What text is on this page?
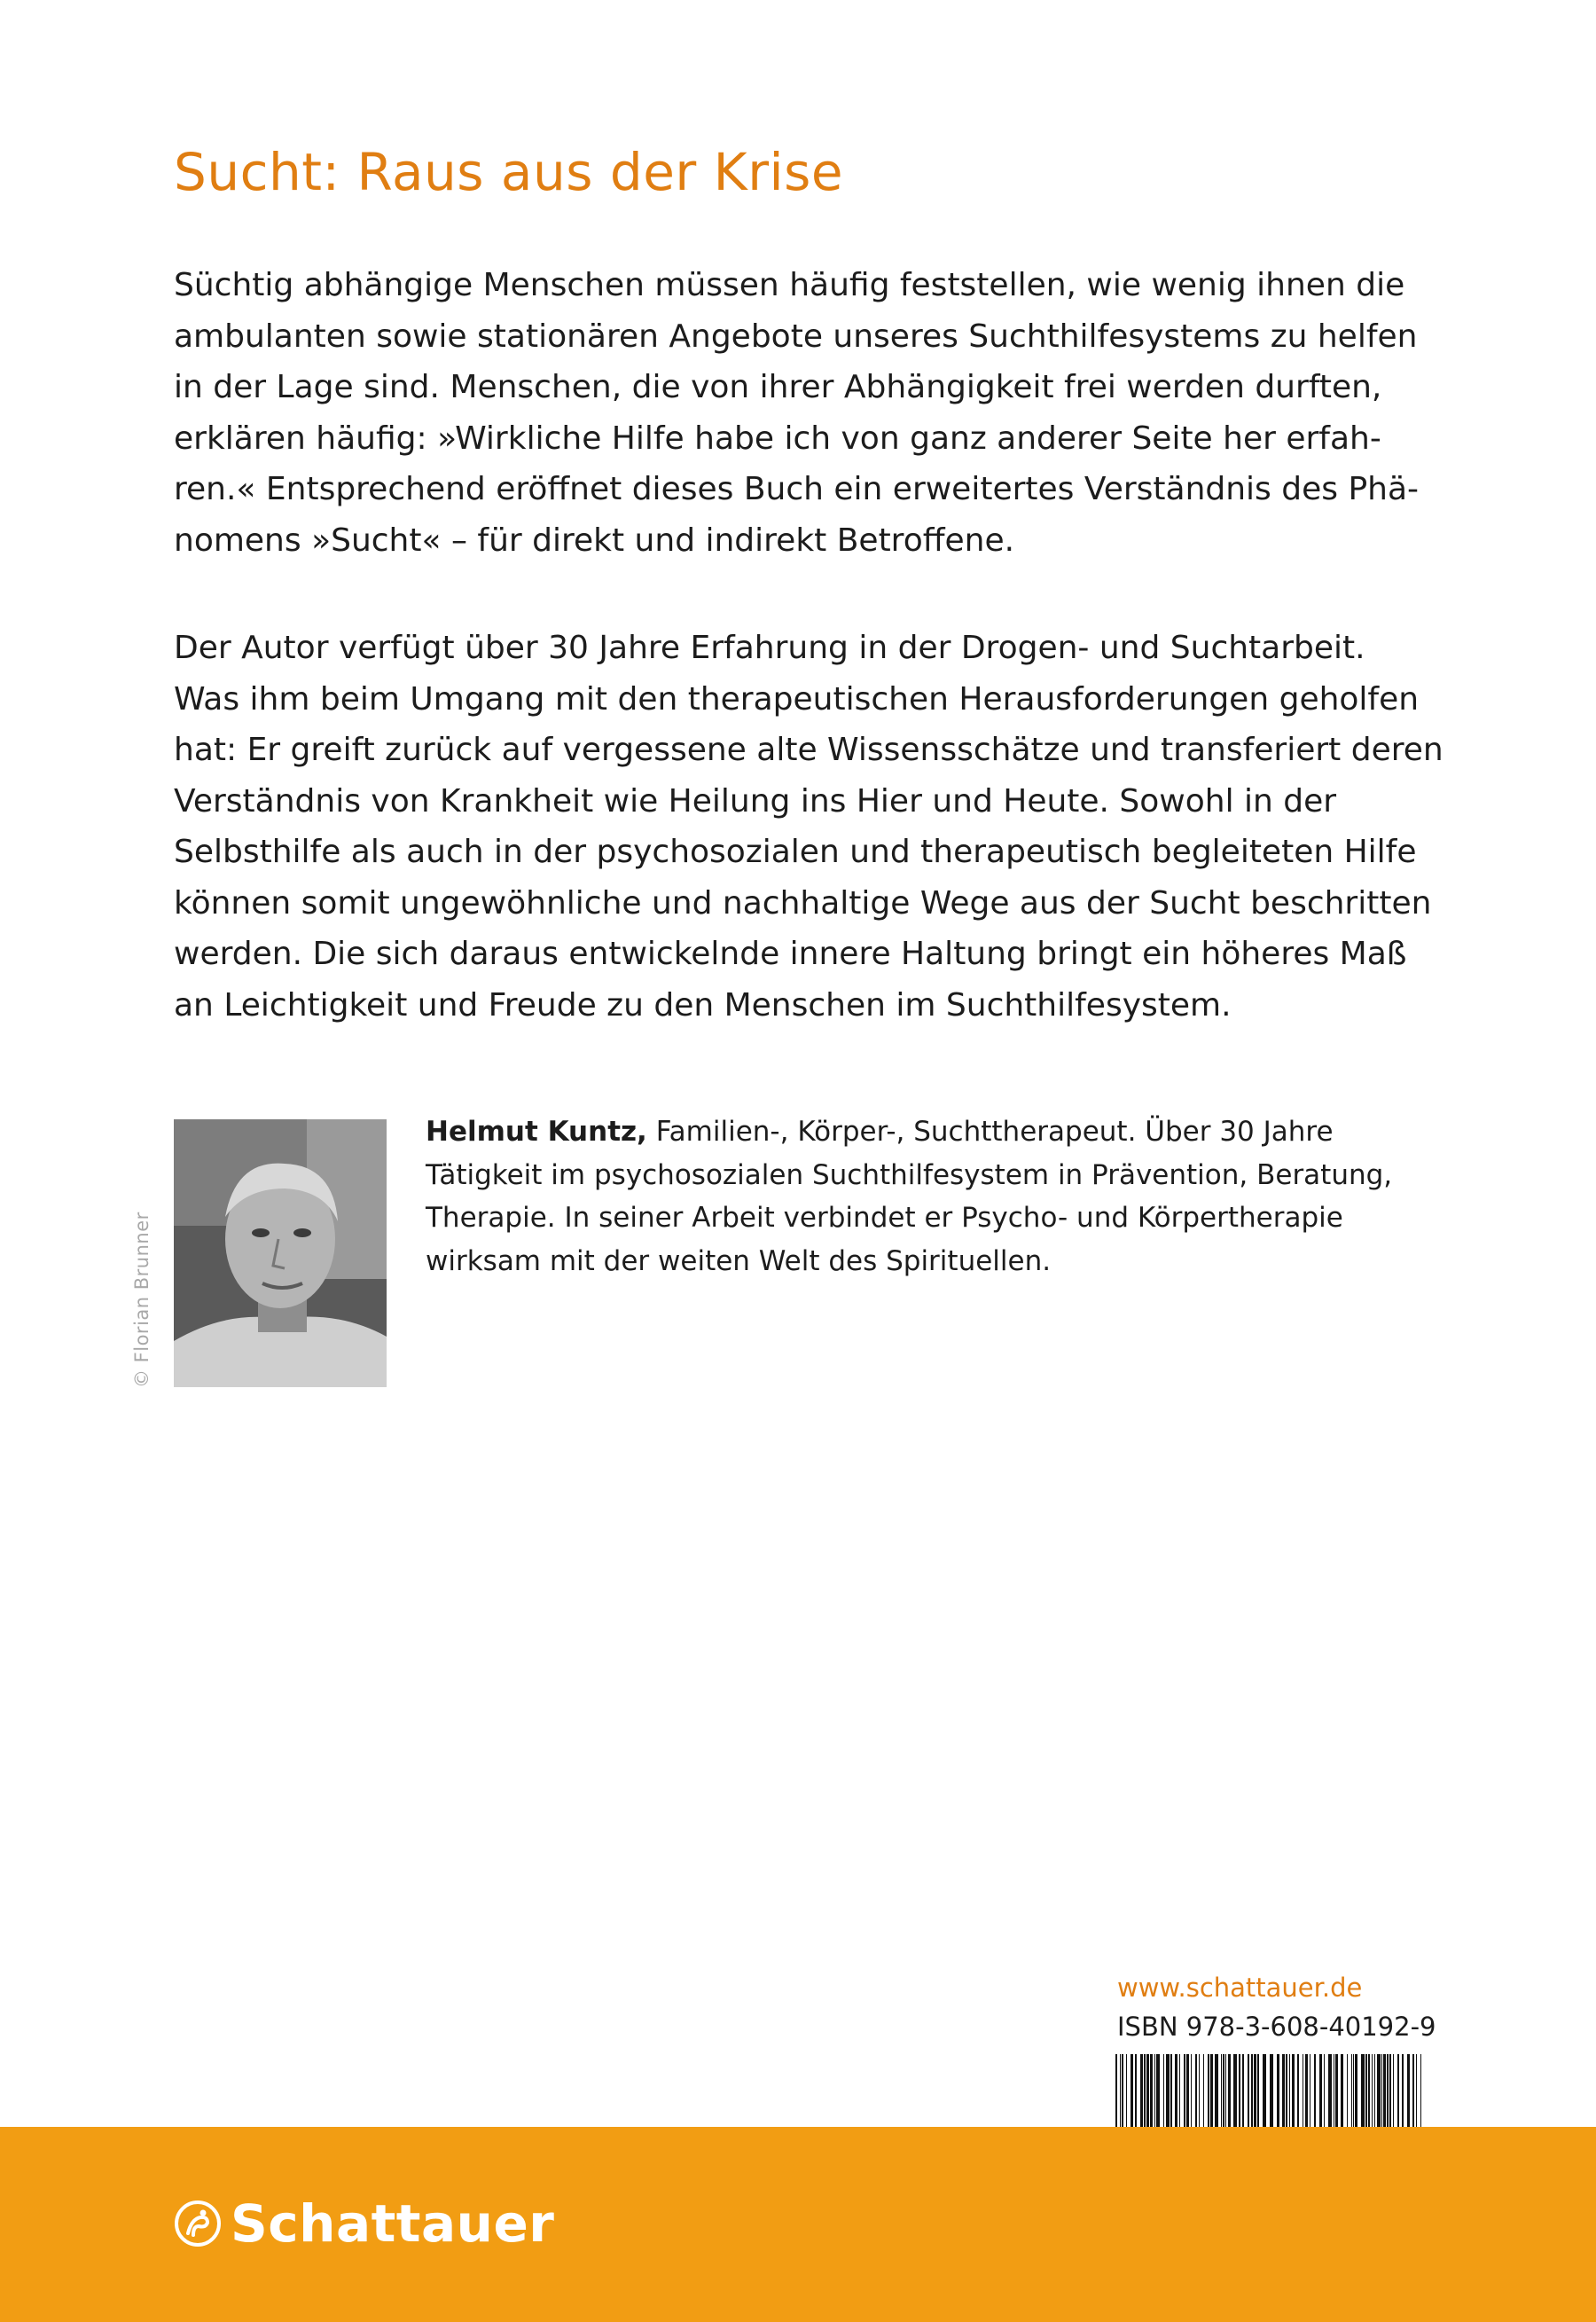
Sucht: Raus aus der Krise
Süchtig abhängige Menschen müssen häufig feststellen, wie wenig ihnen die
ambulanten sowie stationären Angebote unseres Suchthilfesystems zu helfen
in der Lage sind. Menschen, die von ihrer Abhängigkeit frei werden durften,
erklären häufig: »Wirkliche Hilfe habe ich von ganz anderer Seite her erfah-
ren.« Entsprechend eröffnet dieses Buch ein erweitertes Verständnis des Phä-
nomens »Sucht« – für direkt und indirekt Betroffene.
Der Autor verfügt über 30 Jahre Erfahrung in der Drogen- und Suchtarbeit.
Was ihm beim Umgang mit den therapeutischen Herausforderungen geholfen
hat: Er greift zurück auf vergessene alte Wissensschätze und transferiert deren
Verständnis von Krankheit wie Heilung ins Hier und Heute. Sowohl in der
Selbsthilfe als auch in der psychosozialen und therapeutisch begleiteten Hilfe
können somit ungewöhnliche und nachhaltige Wege aus der Sucht beschritten
werden. Die sich daraus entwickelnde innere Haltung bringt ein höheres Maß
an Leichtigkeit und Freude zu den Menschen im Suchthilfesystem.
© Florian Brunner
Helmut Kuntz, Familien-, Körper-, Suchttherapeut. Über 30 Jahre
Tätigkeit im psychosozialen Suchthilfesystem in Prävention, Beratung,
Therapie. In seiner Arbeit verbindet er Psycho- und Körpertherapie
wirksam mit der weiten Welt des Spirituellen.
www.schattauer.de
ISBN 978-3-608-40192-9
Schattauer
